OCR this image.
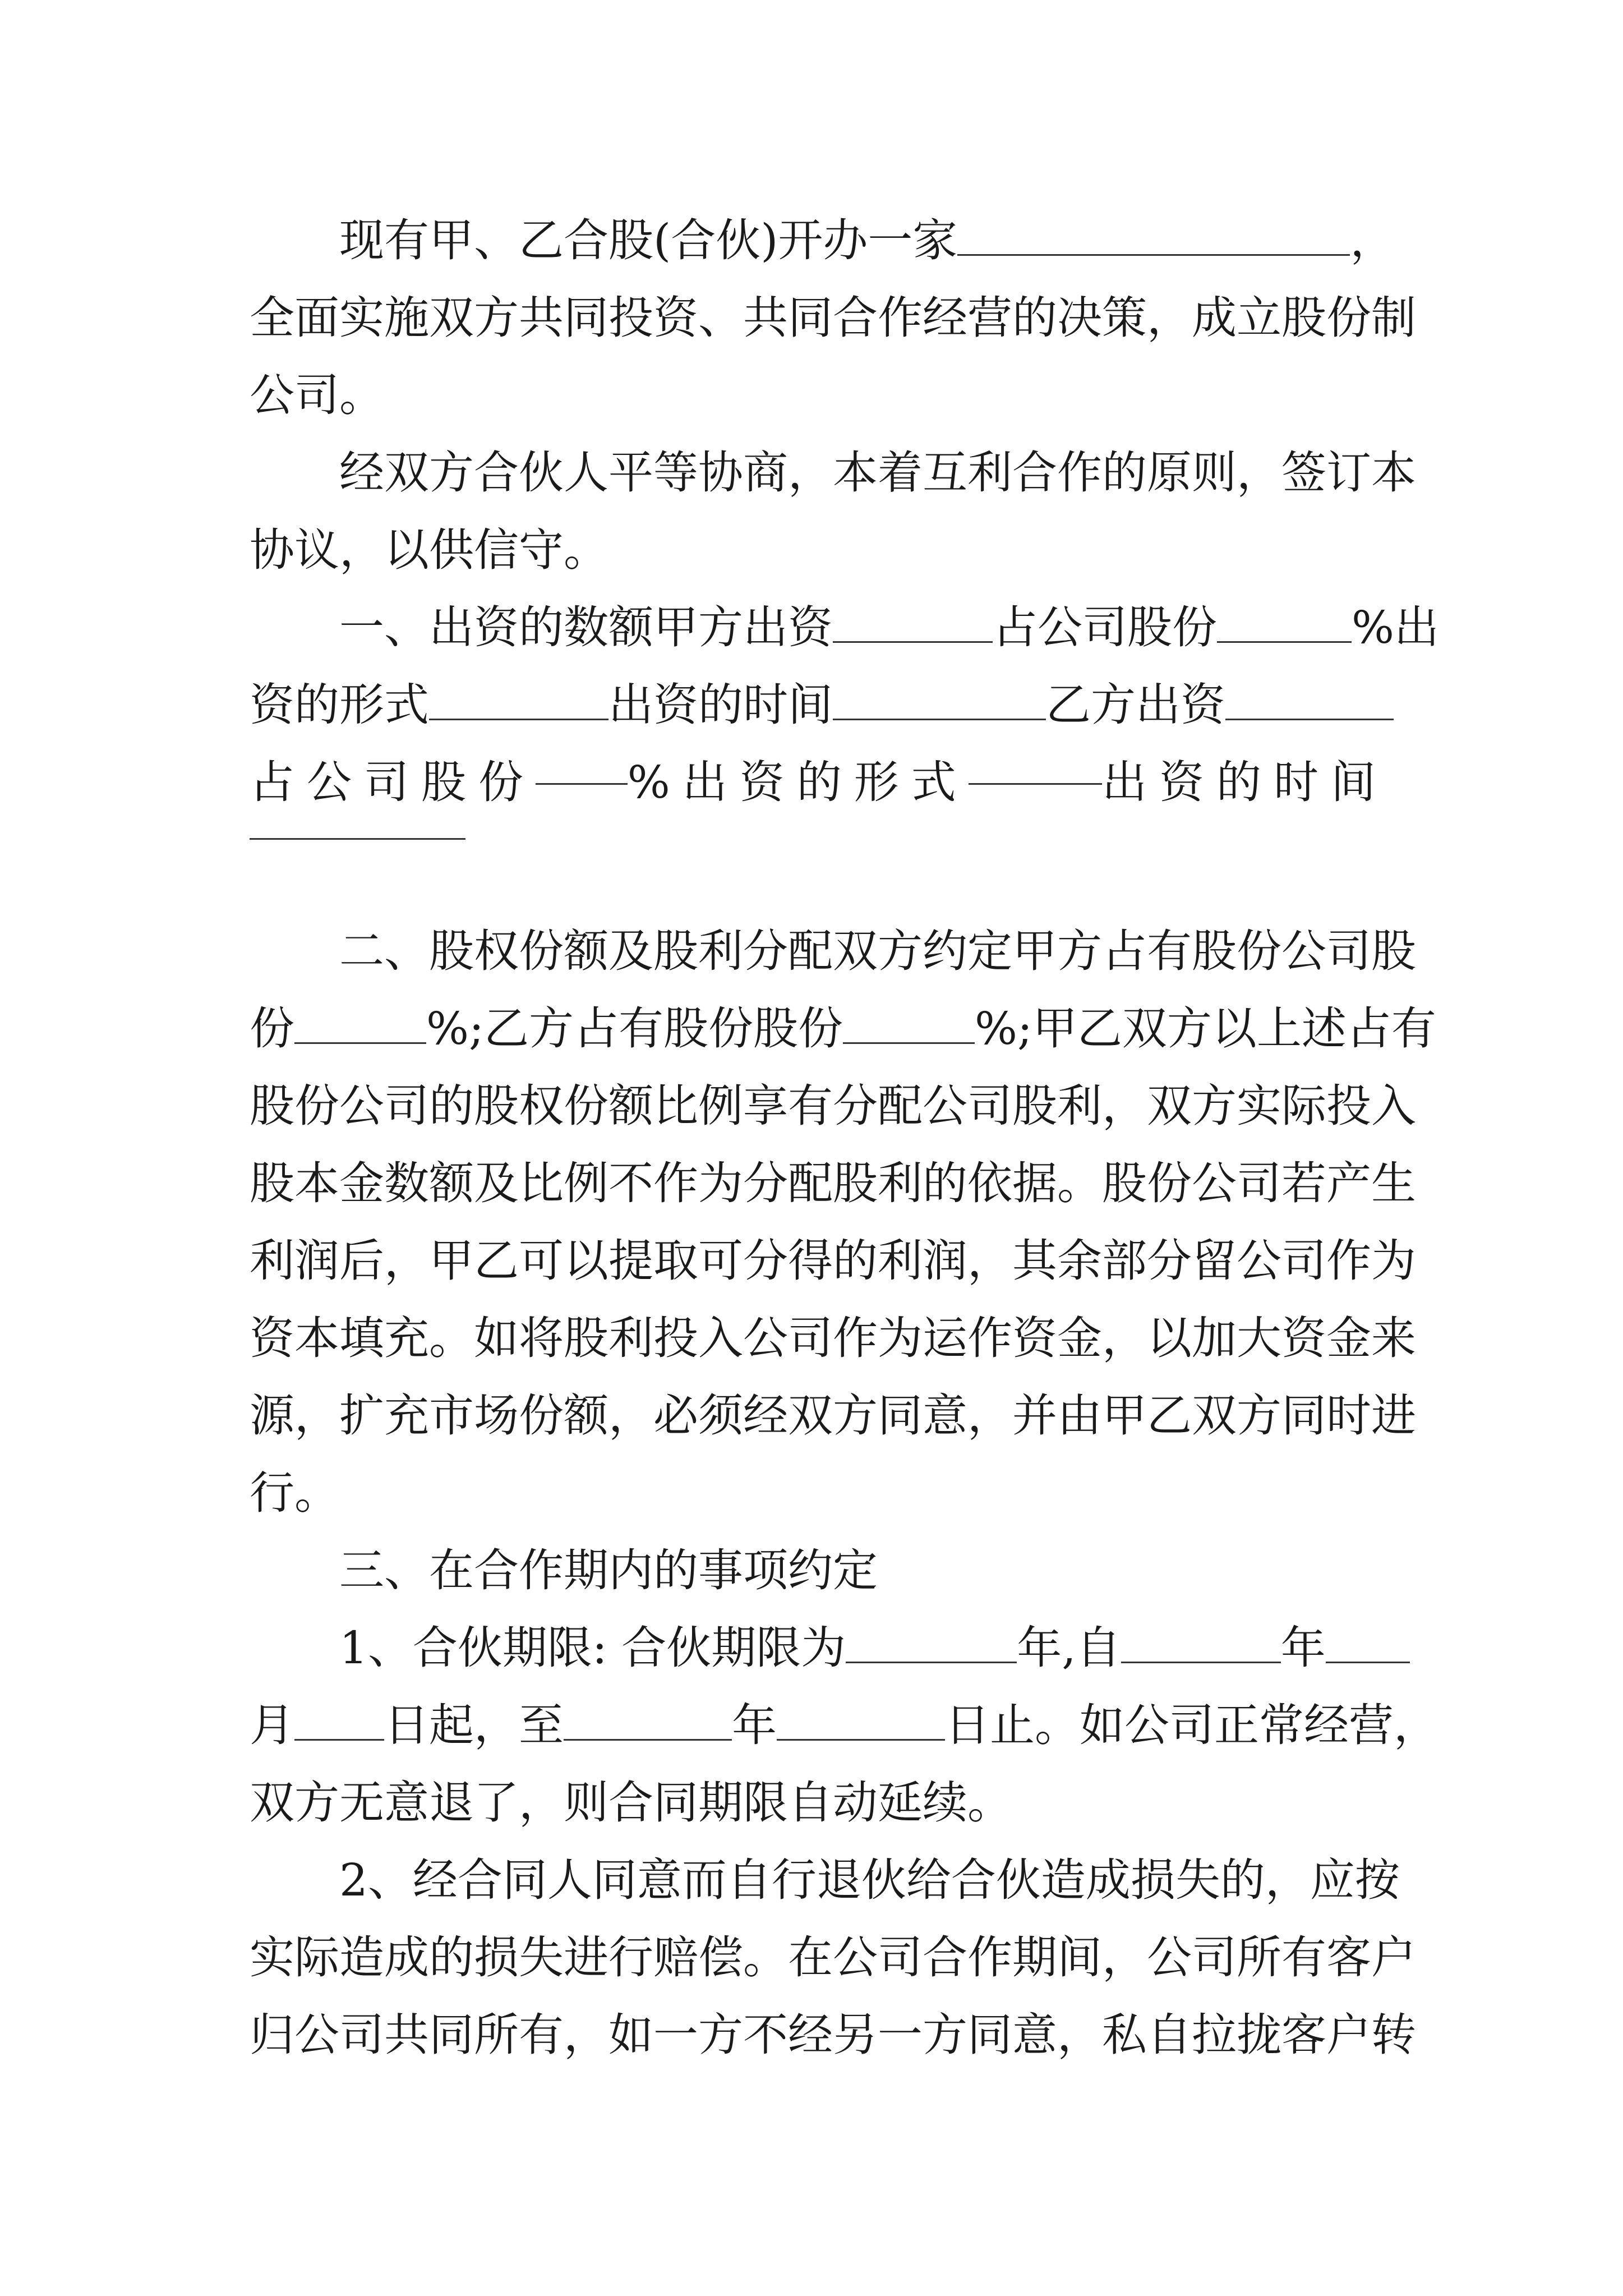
现有甲、乙合股(合伙)开办一家	，
全面实施双方共同投资、共同合作经营的决策，成立股份制
公司。
经双方合伙人平等协商，本着互利合作的原则，签订本
协议，以供信守。
一、出资的数额甲方出资	占公司股份	%出
资的形式	出资的时间	乙方出资
占公司股份 %出资的形式	出资的时间
二、股权份额及股利分配双方约定甲方占有股份公司股
份	%;乙方占有股份股份	%;甲乙双方以上述占有
股份公司的股权份额比例享有分配公司股利，双方实际投入
股本金数额及比例不作为分配股利的依据。股份公司若产生
利润后，甲乙可以提取可分得的利润，其余部分留公司作为
资本填充。如将股利投入公司作为运作资金，以加大资金来
源，扩充市场份额，必须经双方同意，并由甲乙双方同时进
行。
三、在合作期内的事项约定
1、合伙期限: 合伙期限为	年,自	年
月 日起，至	年	日止。如公司正常经营，
双方无意退了，则合同期限自动延续。
2、经合同人同意而自行退伙给合伙造成损失的，应按
实际造成的损失进行赔偿。在公司合作期间，公司所有客户
归公司共同所有，如一方不经另一方同意，私自拉拢客户转
